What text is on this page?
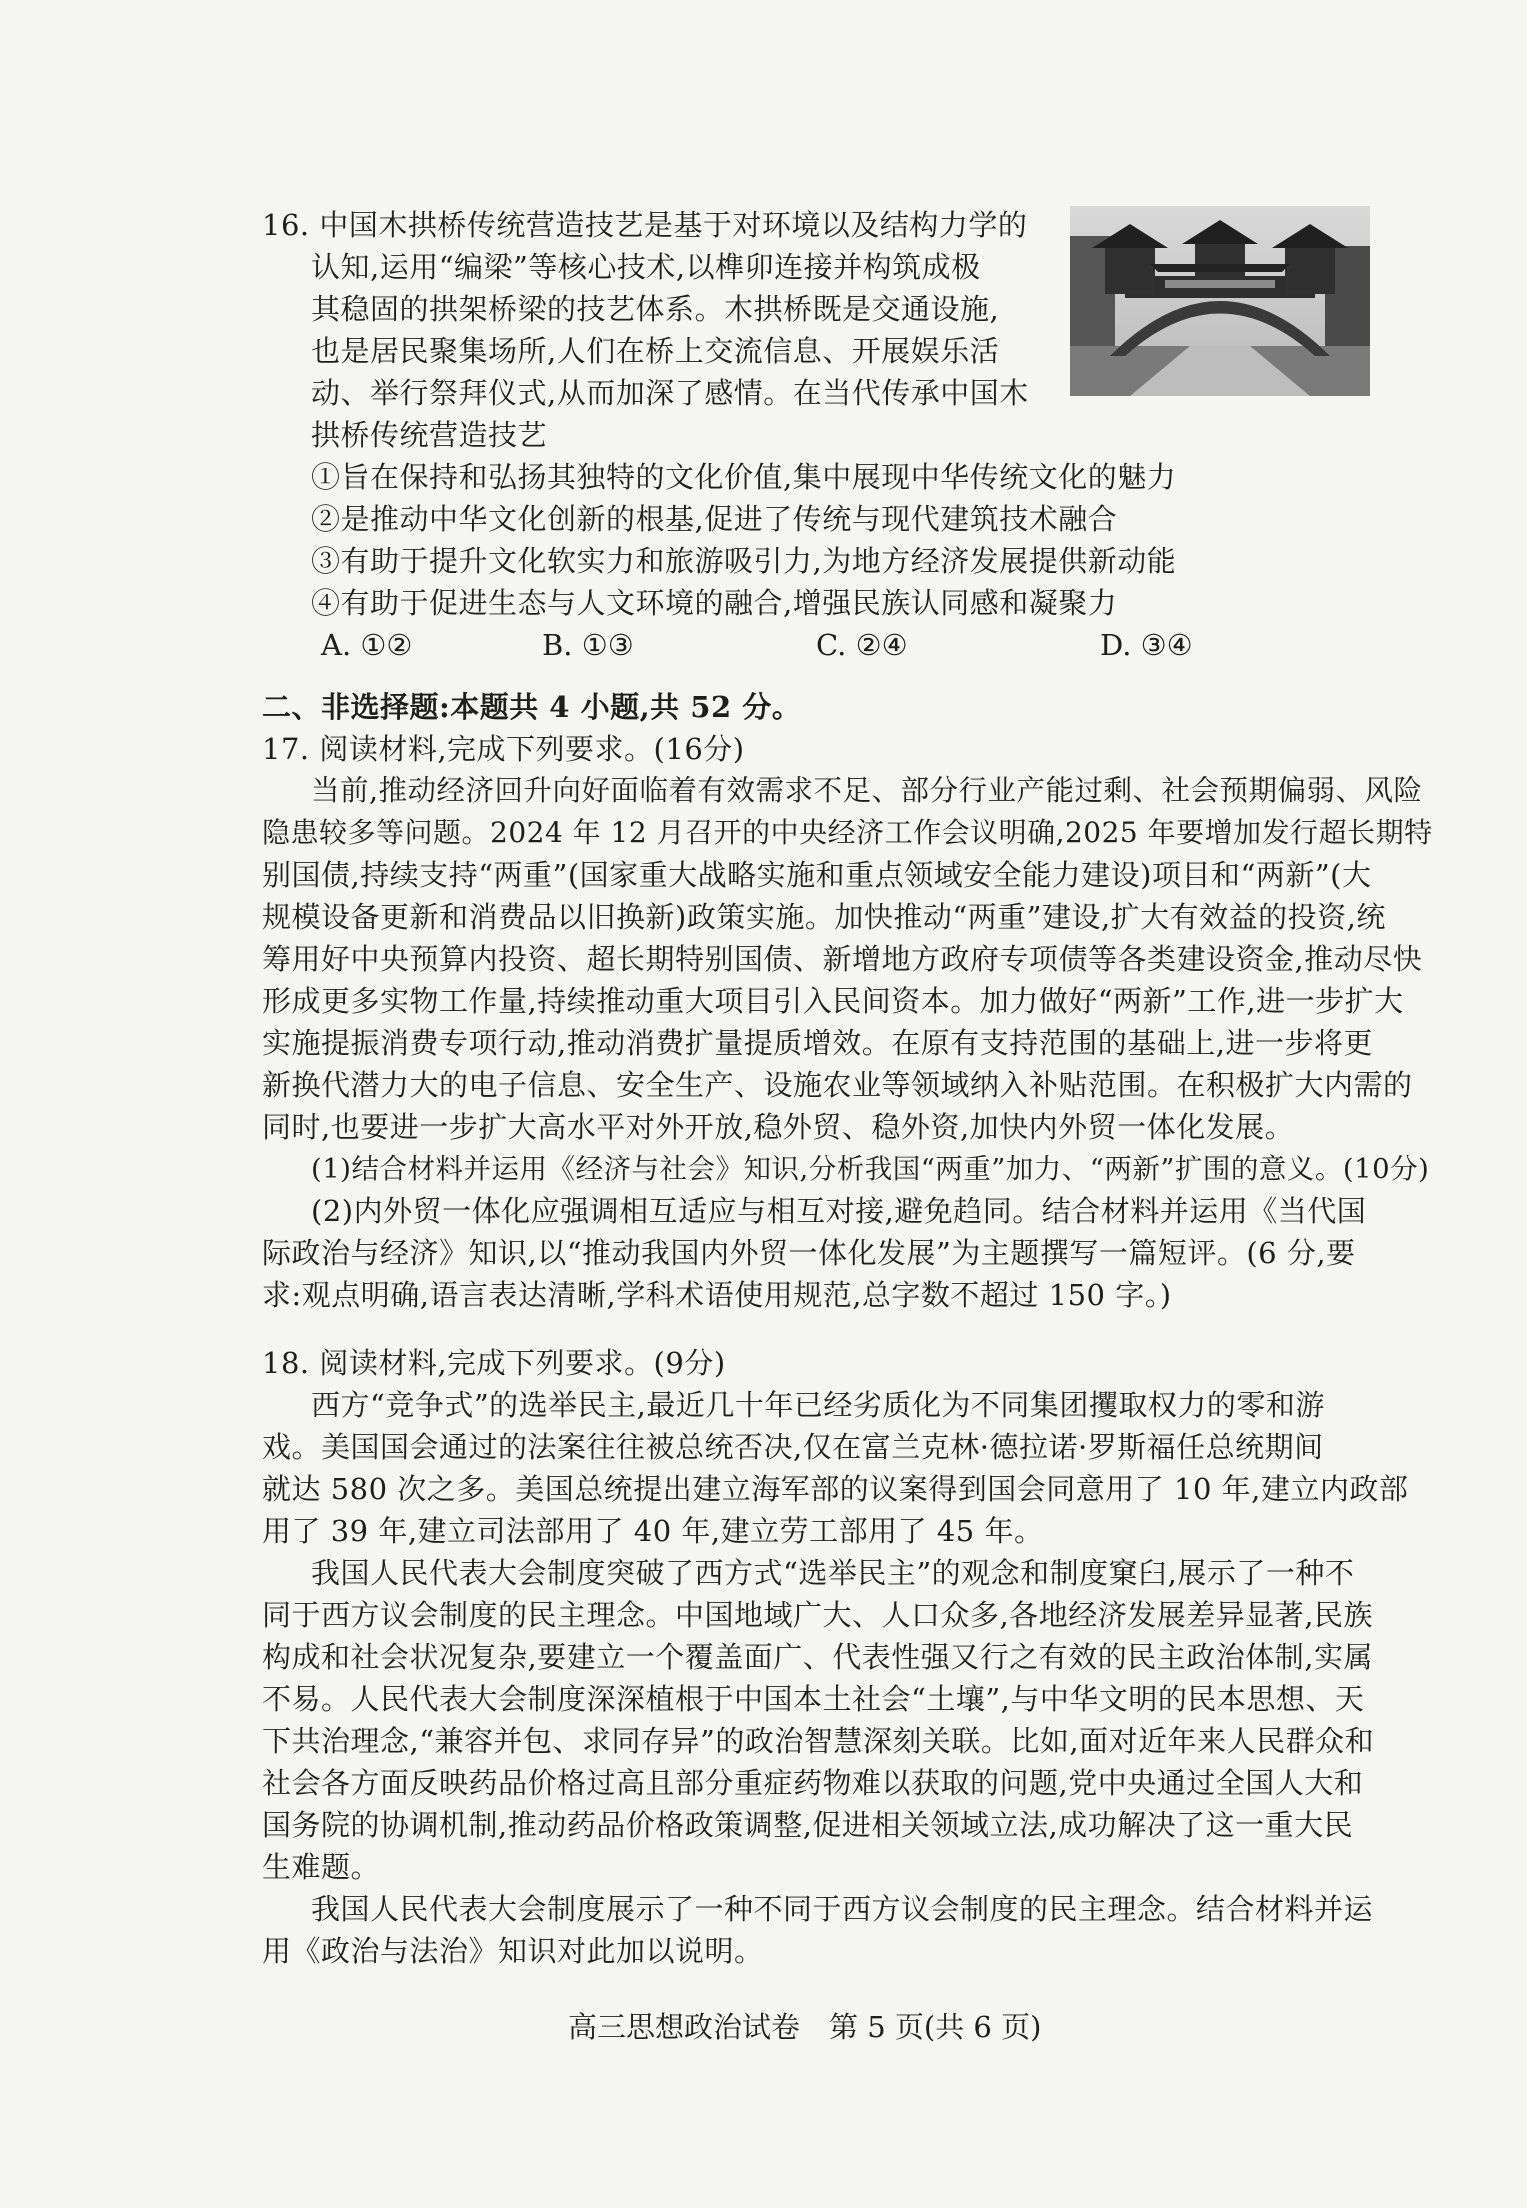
16. 中国木拱桥传统营造技艺是基于对环境以及结构力学的
认知,运用“编梁”等核心技术,以榫卯连接并构筑成极
其稳固的拱架桥梁的技艺体系。木拱桥既是交通设施,
也是居民聚集场所,人们在桥上交流信息、开展娱乐活
动、举行祭拜仪式,从而加深了感情。在当代传承中国木
拱桥传统营造技艺
①旨在保持和弘扬其独特的文化价值,集中展现中华传统文化的魅力
②是推动中华文化创新的根基,促进了传统与现代建筑技术融合
③有助于提升文化软实力和旅游吸引力,为地方经济发展提供新动能
④有助于促进生态与人文环境的融合,增强民族认同感和凝聚力
A. ①②	B. ①③	C. ②④	D. ③④
二、非选择题:本题共 4 小题,共 52 分。
17. 阅读材料,完成下列要求。(16分)
当前,推动经济回升向好面临着有效需求不足、部分行业产能过剩、社会预期偏弱、风险
隐患较多等问题。2024 年 12 月召开的中央经济工作会议明确,2025 年要增加发行超长期特
别国债,持续支持“两重”(国家重大战略实施和重点领域安全能力建设)项目和“两新”(大
规模设备更新和消费品以旧换新)政策实施。加快推动“两重”建设,扩大有效益的投资,统
筹用好中央预算内投资、超长期特别国债、新增地方政府专项债等各类建设资金,推动尽快
形成更多实物工作量,持续推动重大项目引入民间资本。加力做好“两新”工作,进一步扩大
实施提振消费专项行动,推动消费扩量提质增效。在原有支持范围的基础上,进一步将更
新换代潜力大的电子信息、安全生产、设施农业等领域纳入补贴范围。在积极扩大内需的
同时,也要进一步扩大高水平对外开放,稳外贸、稳外资,加快内外贸一体化发展。
(1)结合材料并运用《经济与社会》知识,分析我国“两重”加力、“两新”扩围的意义。(10分)
(2)内外贸一体化应强调相互适应与相互对接,避免趋同。结合材料并运用《当代国
际政治与经济》知识,以“推动我国内外贸一体化发展”为主题撰写一篇短评。(6 分,要
求:观点明确,语言表达清晰,学科术语使用规范,总字数不超过 150 字。)
18. 阅读材料,完成下列要求。(9分)
西方“竞争式”的选举民主,最近几十年已经劣质化为不同集团攫取权力的零和游
戏。美国国会通过的法案往往被总统否决,仅在富兰克林·德拉诺·罗斯福任总统期间
就达 580 次之多。美国总统提出建立海军部的议案得到国会同意用了 10 年,建立内政部
用了 39 年,建立司法部用了 40 年,建立劳工部用了 45 年。
我国人民代表大会制度突破了西方式“选举民主”的观念和制度窠臼,展示了一种不
同于西方议会制度的民主理念。中国地域广大、人口众多,各地经济发展差异显著,民族
构成和社会状况复杂,要建立一个覆盖面广、代表性强又行之有效的民主政治体制,实属
不易。人民代表大会制度深深植根于中国本土社会“土壤”,与中华文明的民本思想、天
下共治理念,“兼容并包、求同存异”的政治智慧深刻关联。比如,面对近年来人民群众和
社会各方面反映药品价格过高且部分重症药物难以获取的问题,党中央通过全国人大和
国务院的协调机制,推动药品价格政策调整,促进相关领域立法,成功解决了这一重大民
生难题。
我国人民代表大会制度展示了一种不同于西方议会制度的民主理念。结合材料并运
用《政治与法治》知识对此加以说明。
高三思想政治试卷　第 5 页(共 6 页)
